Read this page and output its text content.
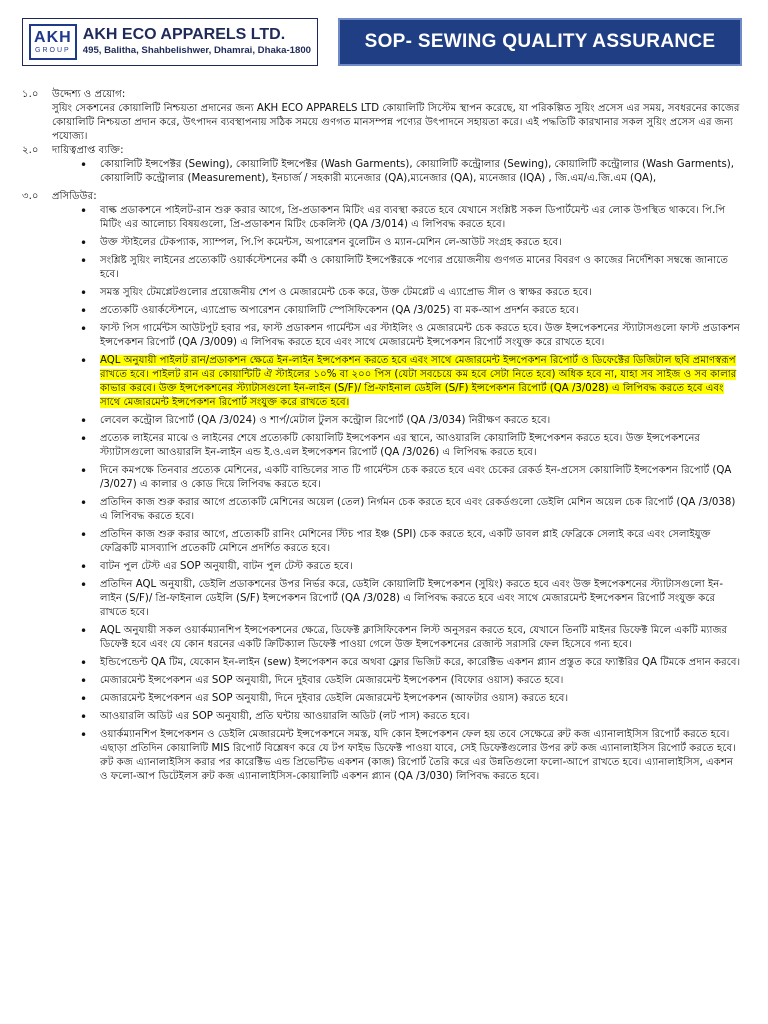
AKH
GROUP
AKH ECO APPARELS LTD.
495, Balitha, Shahbelishwer, Dhamrai, Dhaka-1800	SOP- SEWING QUALITY ASSURANCE
১.০ উদ্দেশ্য ও প্রয়োগ:

সুয়িং সেকশনের কোয়ালিটি নিশ্চয়তা প্রদানের জন্য AKH ECO APPARELS LTD কোয়ালিটি সিস্টেম স্থাপন করেছে, যা পরিকল্পিত সুয়িং প্রসেস এর সময়, সবধরনের কাজের কোয়ালিটি নিশ্চয়তা প্রদান করে, উৎপাদন ব্যবস্থাপনায় সঠিক সময়ে গুণগত মানসম্পন্ন পণ্যের উৎপাদনে সহায়তা করে। এই পদ্ধতিটি কারখানার সকল সুয়িং প্রসেস এর জন্য পযোজ্য।

২.০ দায়িত্বপ্রাপ্ত ব্যক্তি:
• কোয়ালিটি ইন্সপেক্টর (Sewing), কোয়ালিটি ইন্সপেক্টর (Wash Garments), কোয়ালিটি কন্ট্রোলার (Sewing), কোয়ালিটি কন্ট্রোলার (Wash Garments), কোয়ালিটি কন্ট্রোলার (Measurement), ইনচার্জ / সহকারী ম্যনেজার (QA),ম্যনেজার (QA), ম্যনেজার (IQA) , জি.এম/এ.জি.এম (QA),
৩.০ প্রসিডিউর:
• বাল্ক প্রডাকশনে পাইলট-রান শুরু করার আগে, প্রি-প্রডাকশন মিটিং এর ব্যবস্থা করতে হবে যেখানে সংশ্লিষ্ট সকল ডিপার্টমেন্ট এর লোক উপস্থিত থাকবে। পি.পি মিটিং এর আলোচ্য বিষয়গুলো, প্রি-প্রডাকশন মিটিং চেকলিস্ট (QA /3/014) এ লিপিবদ্ধ করতে হবে।
• উক্ত স্টাইলের টেকপ্যাক, স্যাম্পল, পি.পি কমেন্টস, অপারেশন বুলেটিন ও ম্যান-মেশিন লে-আউট সংগ্রহ করতে হবে।
• সংশ্লিষ্ট সুয়িং লাইনের প্রত্যেকটি ওয়ার্কস্টেশনের কর্মী ও কোয়ালিটি ইন্সপেক্টরকে পণ্যের প্রয়োজনীয় গুণগত মানের বিবরণ ও কাজের নির্দেশিকা সম্বন্ধে জানাতে হবে।
• সমস্ত সুয়িং টেমপ্লেটগুলোর প্রয়োজনীয় শেপ ও মেজারমেন্ট চেক করে, উক্ত টেমপ্লেট এ এ্যাপ্রোভ সীল ও স্বাক্ষর করতে হবে।
• প্রত্যেকটি ওয়ার্কস্টেশনে, এ্যাপ্রোভ অপারেশন কোয়ালিটি স্পেসিফিকেশন (QA /3/025) বা মক-আপ প্রদর্শন করতে হবে।
• ফাস্ট পিস গার্মেন্টস আউটপুট হবার পর, ফাস্ট প্রডাকশন গার্মেন্টস এর স্টাইলিং ও মেজারমেন্ট চেক করতে হবে। উক্ত ইন্সপেকশনের স্ট্যাটাসগুলো ফাস্ট প্রডাকশন ইন্সপেকশন রিপোর্ট (QA /3/009) এ লিপিবদ্ধ করতে হবে এবং সাথে মেজারমেন্ট ইন্সপেকশন রিপোর্ট সংযুক্ত করে রাখতে হবে।
• AQL অনুযায়ী পাইলট রান/প্রডাকশন ক্ষেত্রে ইন-লাইন ইন্সপেকশন করতে হবে এবং সাথে মেজারমেন্ট ইন্সপেকশন রিপোর্ট ও ডিফেক্টের ডিজিটাল ছবি প্রমাণস্বরূপ রাখতে হবে। পাইলট রান এর কোয়ান্টিটি ঐ স্টাইলের ১০% বা ২০০ পিস (যেটা সবচেয়ে কম হবে সেটা নিতে হবে) অধিক হবে না, যাহা সব সাইজ ও সব কালার কাভার করবে। উক্ত ইন্সপেকশনের স্ট্যাটাসগুলো ইন-লাইন (S/F)/ প্রি-ফাইনাল ডেইলি (S/F) ইন্সপেকশন রিপোর্ট (QA /3/028) এ লিপিবদ্ধ করতে হবে এবং সাথে মেজারমেন্ট ইন্সপেকশন রিপোর্ট সংযুক্ত করে রাখতে হবে।
• লেবেল কন্ট্রোল রিপোর্ট (QA /3/024) ও শার্প/মেটাল টুলস কন্ট্রোল রিপোর্ট (QA /3/034) নিরীক্ষণ করতে হবে।
• প্রত্যেক লাইনের মাঝে ও লাইনের শেষে প্রত্যেকটি কোয়ালিটি ইন্সপেকশন এর স্থানে, আওয়ারলি কোয়ালিটি ইন্সপেকশন করতে হবে। উক্ত ইন্সপেকশনের স্ট্যাটাসগুলো আওয়ারলি ইন-লাইন এন্ড ই.ও.এল ইন্সপেকশন রিপোর্ট (QA /3/026) এ লিপিবদ্ধ করতে হবে।
• দিনে কমপক্ষে তিনবার প্রত্যেক মেশিনের, একটি বান্ডিলের সাত টি গার্মেন্টস চেক করতে হবে এবং চেকের রেকর্ড ইন-প্রসেস কোয়ালিটি ইন্সপেকশন রিপোর্ট (QA /3/027) এ কালার ও কোড দিয়ে লিপিবদ্ধ করতে হবে।
• প্রতিদিন কাজ শুরু করার আগে প্রত্যেকটি মেশিনের অয়েল (তেল) নির্গমন চেক করতে হবে এবং রেকর্ডগুলো ডেইলি মেশিন অয়েল চেক রিপোর্ট (QA /3/038) এ লিপিবদ্ধ করতে হবে।
• প্রতিদিন কাজ শুরু করার আগে, প্রত্যেকটি রানিং মেশিনের স্টিচ পার ইঞ্চ (SPI) চেক করতে হবে, একটি ডাবল প্লাই ফেব্রিকে সেলাই করে এবং সেলাইযুক্ত ফেব্রিকটি মাসব্যাপি প্রতেকটি মেশিনে প্রদর্শিত করতে হবে।
• বাটন পুল টেস্ট এর SOP অনুযায়ী, বাটন পুল টেস্ট করতে হবে।
• প্রতিদিন AQL অনুযায়ী, ডেইলি প্রডাকশনের উপর নির্ভর করে, ডেইলি কোয়ালিটি ইন্সপেকশন (সুয়িং) করতে হবে এবং উক্ত ইন্সপেকশনের স্ট্যাটাসগুলো ইন-লাইন (S/F)/ প্রি-ফাইনাল ডেইলি (S/F) ইন্সপেকশন রিপোর্ট (QA /3/028) এ লিপিবদ্ধ করতে হবে এবং সাথে মেজারমেন্ট ইন্সপেকশন রিপোর্ট সংযুক্ত করে রাখতে হবে।
• AQL অনুযায়ী সকল ওয়ার্কম্যানশিপ ইন্সপেকশনের ক্ষেত্রে, ডিফেক্ট ক্লাসিফিকেশন লিস্ট অনুসরন করতে হবে, যেখানে তিনটি মাইনর ডিফেক্ট মিলে একটি ম্যাজর ডিফেক্ট হবে এবং যে কোন ধরনের একটি ক্রিটিক্যাল ডিফেক্ট পাওয়া গেলে উক্ত ইন্সপেকশনের রেজাল্ট সরাসরি ফেল হিসেবে গন্য হবে।
• ইন্ডিপেন্ডেন্ট QA টিম, যেকোন ইন-লাইন (sew) ইন্সপেকশন করে অথবা ফ্লোর ভিজিট করে, কারেক্টিভ একশন প্ল্যান প্রস্তুত করে ফ্যাক্টরির QA টিমকে প্রদান করবে।
• মেজারমেন্ট ইন্সপেকশন এর SOP অনুযায়ী, দিনে দুইবার ডেইলি মেজারমেন্ট ইন্সপেকশন (বিফোর ওয়াস) করতে হবে।
• মেজারমেন্ট ইন্সপেকশন এর SOP অনুযায়ী, দিনে দুইবার ডেইলি মেজারমেন্ট ইন্সপেকশন (আফটার ওয়াস) করতে হবে।
• আওয়ারলি অডিট এর SOP অনুযায়ী, প্রতি ঘন্টায় আওয়ারলি অডিট (লট পাস) করতে হবে।
• ওয়ার্কম্যানশিপ ইন্সপেকশন ও ডেইলি মেজারমেন্ট ইন্সপেকশনে সমস্ত, যদি কোন ইন্সপেকশন ফেল হয় তবে সেক্ষেত্রে রুট কজ এ্যানালাইসিস রিপোর্ট করতে হবে। এছাড়া প্রতিদিন কোয়ালিটি MIS রিপোর্ট বিশ্লেষণ করে যে টপ ফাইভ ডিফেক্ট পাওয়া যাবে, সেই ডিফেক্টগুলোর উপর রুট কজ এ্যানালাইসিস রিপোর্ট করতে হবে। রুট কজ এ্যানালাইসিস করার পর কারেক্টিভ এন্ড প্রিভেন্টিভ একশন (কাজ) রিপোর্ট তৈরি করে এর উন্নতিগুলো ফলো-আপে রাখতে হবে। এ্যানালাইসিস, একশন ও ফলো-আপ ডিটেইলস রুট কজ এ্যানালাইসিস-কোয়ালিটি একশন প্ল্যান (QA /3/030) লিপিবদ্ধ করতে হবে।
